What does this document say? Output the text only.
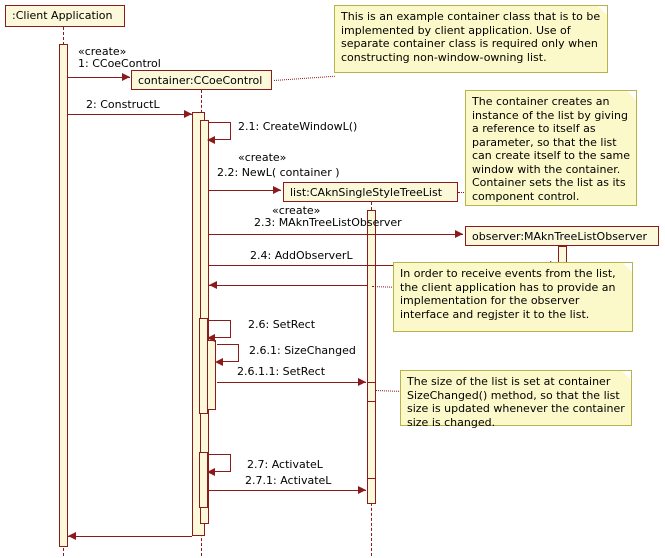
«create»
1: CCoeControl
2: ConstructL
2.1: CreateWindowL()
«create»
2.2: NewL( container )
«create»
2.3: MAknTreeListObserver
2.4: AddObserverL
2.6: SetRect
2.6.1: SizeChanged
2.6.1.1: SetRect
2.7: ActivateL
2.7.1: ActivateL
:Client Application
container:CCoeControl
list:CAknSingleStyleTreeList
observer:MAknTreeListObserver
This is an example container class that is to be implemented by client application. Use of separate container class is required only when constructing non-window-owning list.
The container creates an instance of the list by giving a reference to itself as parameter, so that the list can create itself to the same window with the container. Container sets the list as its component control.
In order to receive events from the list, the client application has to provide an implementation for the observer interface and regjster it to the list.
The size of the list is set at container SizeChanged() method, so that the list size is updated whenever the container size is changed.
